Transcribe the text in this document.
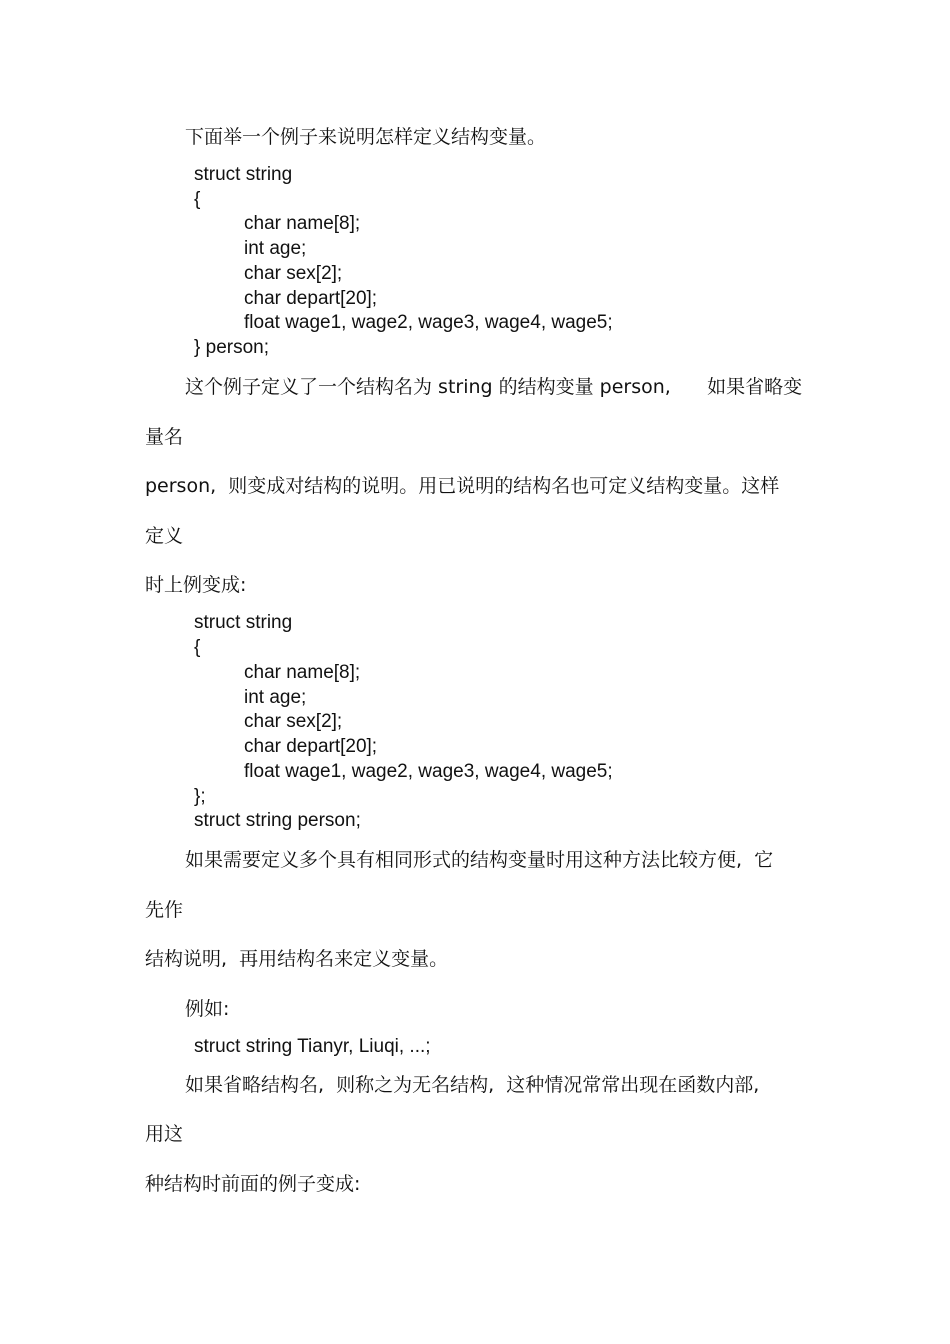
下面举一个例子来说明怎样定义结构变量。
struct string
{
char name[8];
int age;
char sex[2];
char depart[20];
float wage1, wage2, wage3, wage4, wage5;
} person;
这个例子定义了一个结构名为 string 的结构变量 person,      如果省略变
量名
person,  则变成对结构的说明。用已说明的结构名也可定义结构变量。这样
定义
时上例变成:
struct string
{
char name[8];
int age;
char sex[2];
char depart[20];
float wage1, wage2, wage3, wage4, wage5;
};
struct string person;
如果需要定义多个具有相同形式的结构变量时用这种方法比较方便,  它
先作
结构说明,  再用结构名来定义变量。
例如:
struct string Tianyr, Liuqi, ...;
如果省略结构名,  则称之为无名结构,  这种情况常常出现在函数内部,
用这
种结构时前面的例子变成:
